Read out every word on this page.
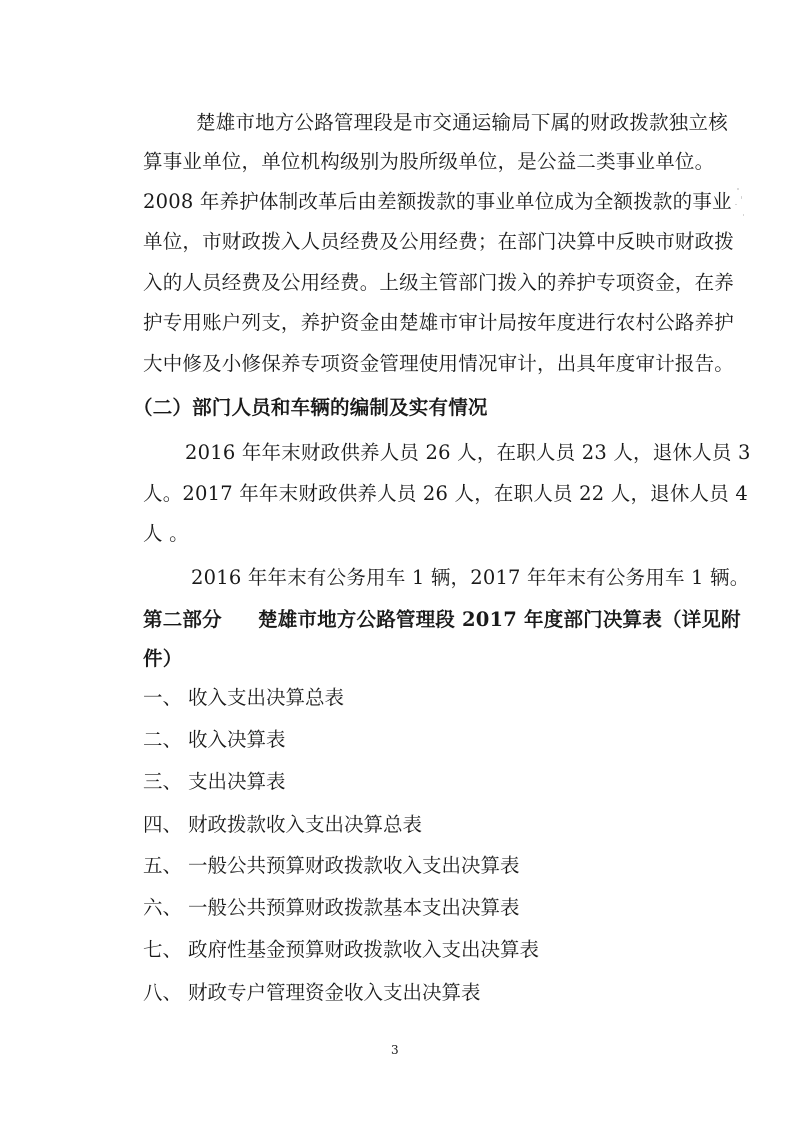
楚雄市地方公路管理段是市交通运输局下属的财政拨款独立核
算事业单位，单位机构级别为股所级单位，是公益二类事业单位。
2008 年养护体制改革后由差额拨款的事业单位成为全额拨款的事业
单位，市财政拨入人员经费及公用经费；在部门决算中反映市财政拨
入的人员经费及公用经费。上级主管部门拨入的养护专项资金，在养
护专用账户列支，养护资金由楚雄市审计局按年度进行农村公路养护
大中修及小修保养专项资金管理使用情况审计，出具年度审计报告。
（二）部门人员和车辆的编制及实有情况
2016 年年末财政供养人员 26 人，在职人员 23 人，退休人员 3
人。2017 年年末财政供养人员 26 人，在职人员 22 人，退休人员 4
人 。
2016 年年末有公务用车 1 辆，2017 年年末有公务用车 1 辆。
第二部分 楚雄市地方公路管理段 2017 年度部门决算表（详见附
件）
一、 收入支出决算总表
二、 收入决算表
三、 支出决算表
四、 财政拨款收入支出决算总表
五、 一般公共预算财政拨款收入支出决算表
六、 一般公共预算财政拨款基本支出决算表
七、 政府性基金预算财政拨款收入支出决算表
八、 财政专户管理资金收入支出决算表
3
